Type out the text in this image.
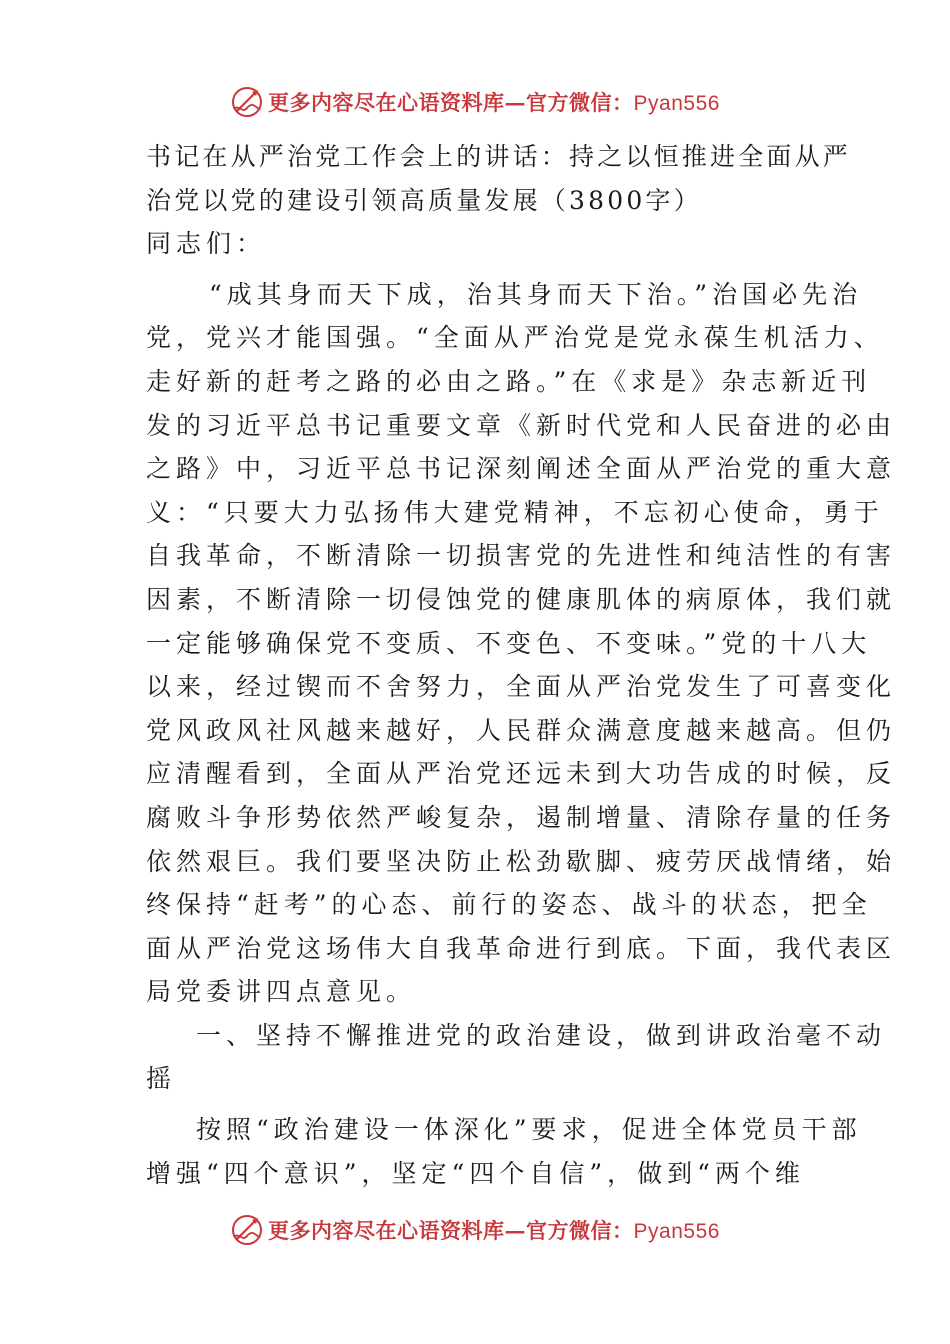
更多内容尽在心语资料库—官方微信：Pyan556
书记在从严治党工作会上的讲话：持之以恒推进全面从严
治党以党的建设引领高质量发展（3800字）
同志们：
“成其身而天下成，治其身而天下治。”治国必先治
党，党兴才能国强。“全面从严治党是党永葆生机活力、
走好新的赶考之路的必由之路。”在《求是》杂志新近刊
发的习近平总书记重要文章《新时代党和人民奋进的必由
之路》中，习近平总书记深刻阐述全面从严治党的重大意
义：“只要大力弘扬伟大建党精神，不忘初心使命，勇于
自我革命，不断清除一切损害党的先进性和纯洁性的有害
因素，不断清除一切侵蚀党的健康肌体的病原体，我们就
一定能够确保党不变质、不变色、不变味。”党的十八大
以来，经过锲而不舍努力，全面从严治党发生了可喜变化
党风政风社风越来越好，人民群众满意度越来越高。但仍
应清醒看到，全面从严治党还远未到大功告成的时候，反
腐败斗争形势依然严峻复杂，遏制增量、清除存量的任务
依然艰巨。我们要坚决防止松劲歇脚、疲劳厌战情绪，始
终保持“赶考”的心态、前行的姿态、战斗的状态，把全
面从严治党这场伟大自我革命进行到底。下面，我代表区
局党委讲四点意见。
一、坚持不懈推进党的政治建设，做到讲政治毫不动
摇
按照“政治建设一体深化”要求，促进全体党员干部
增强“四个意识”，坚定“四个自信”，做到“两个维
更多内容尽在心语资料库—官方微信：Pyan556
